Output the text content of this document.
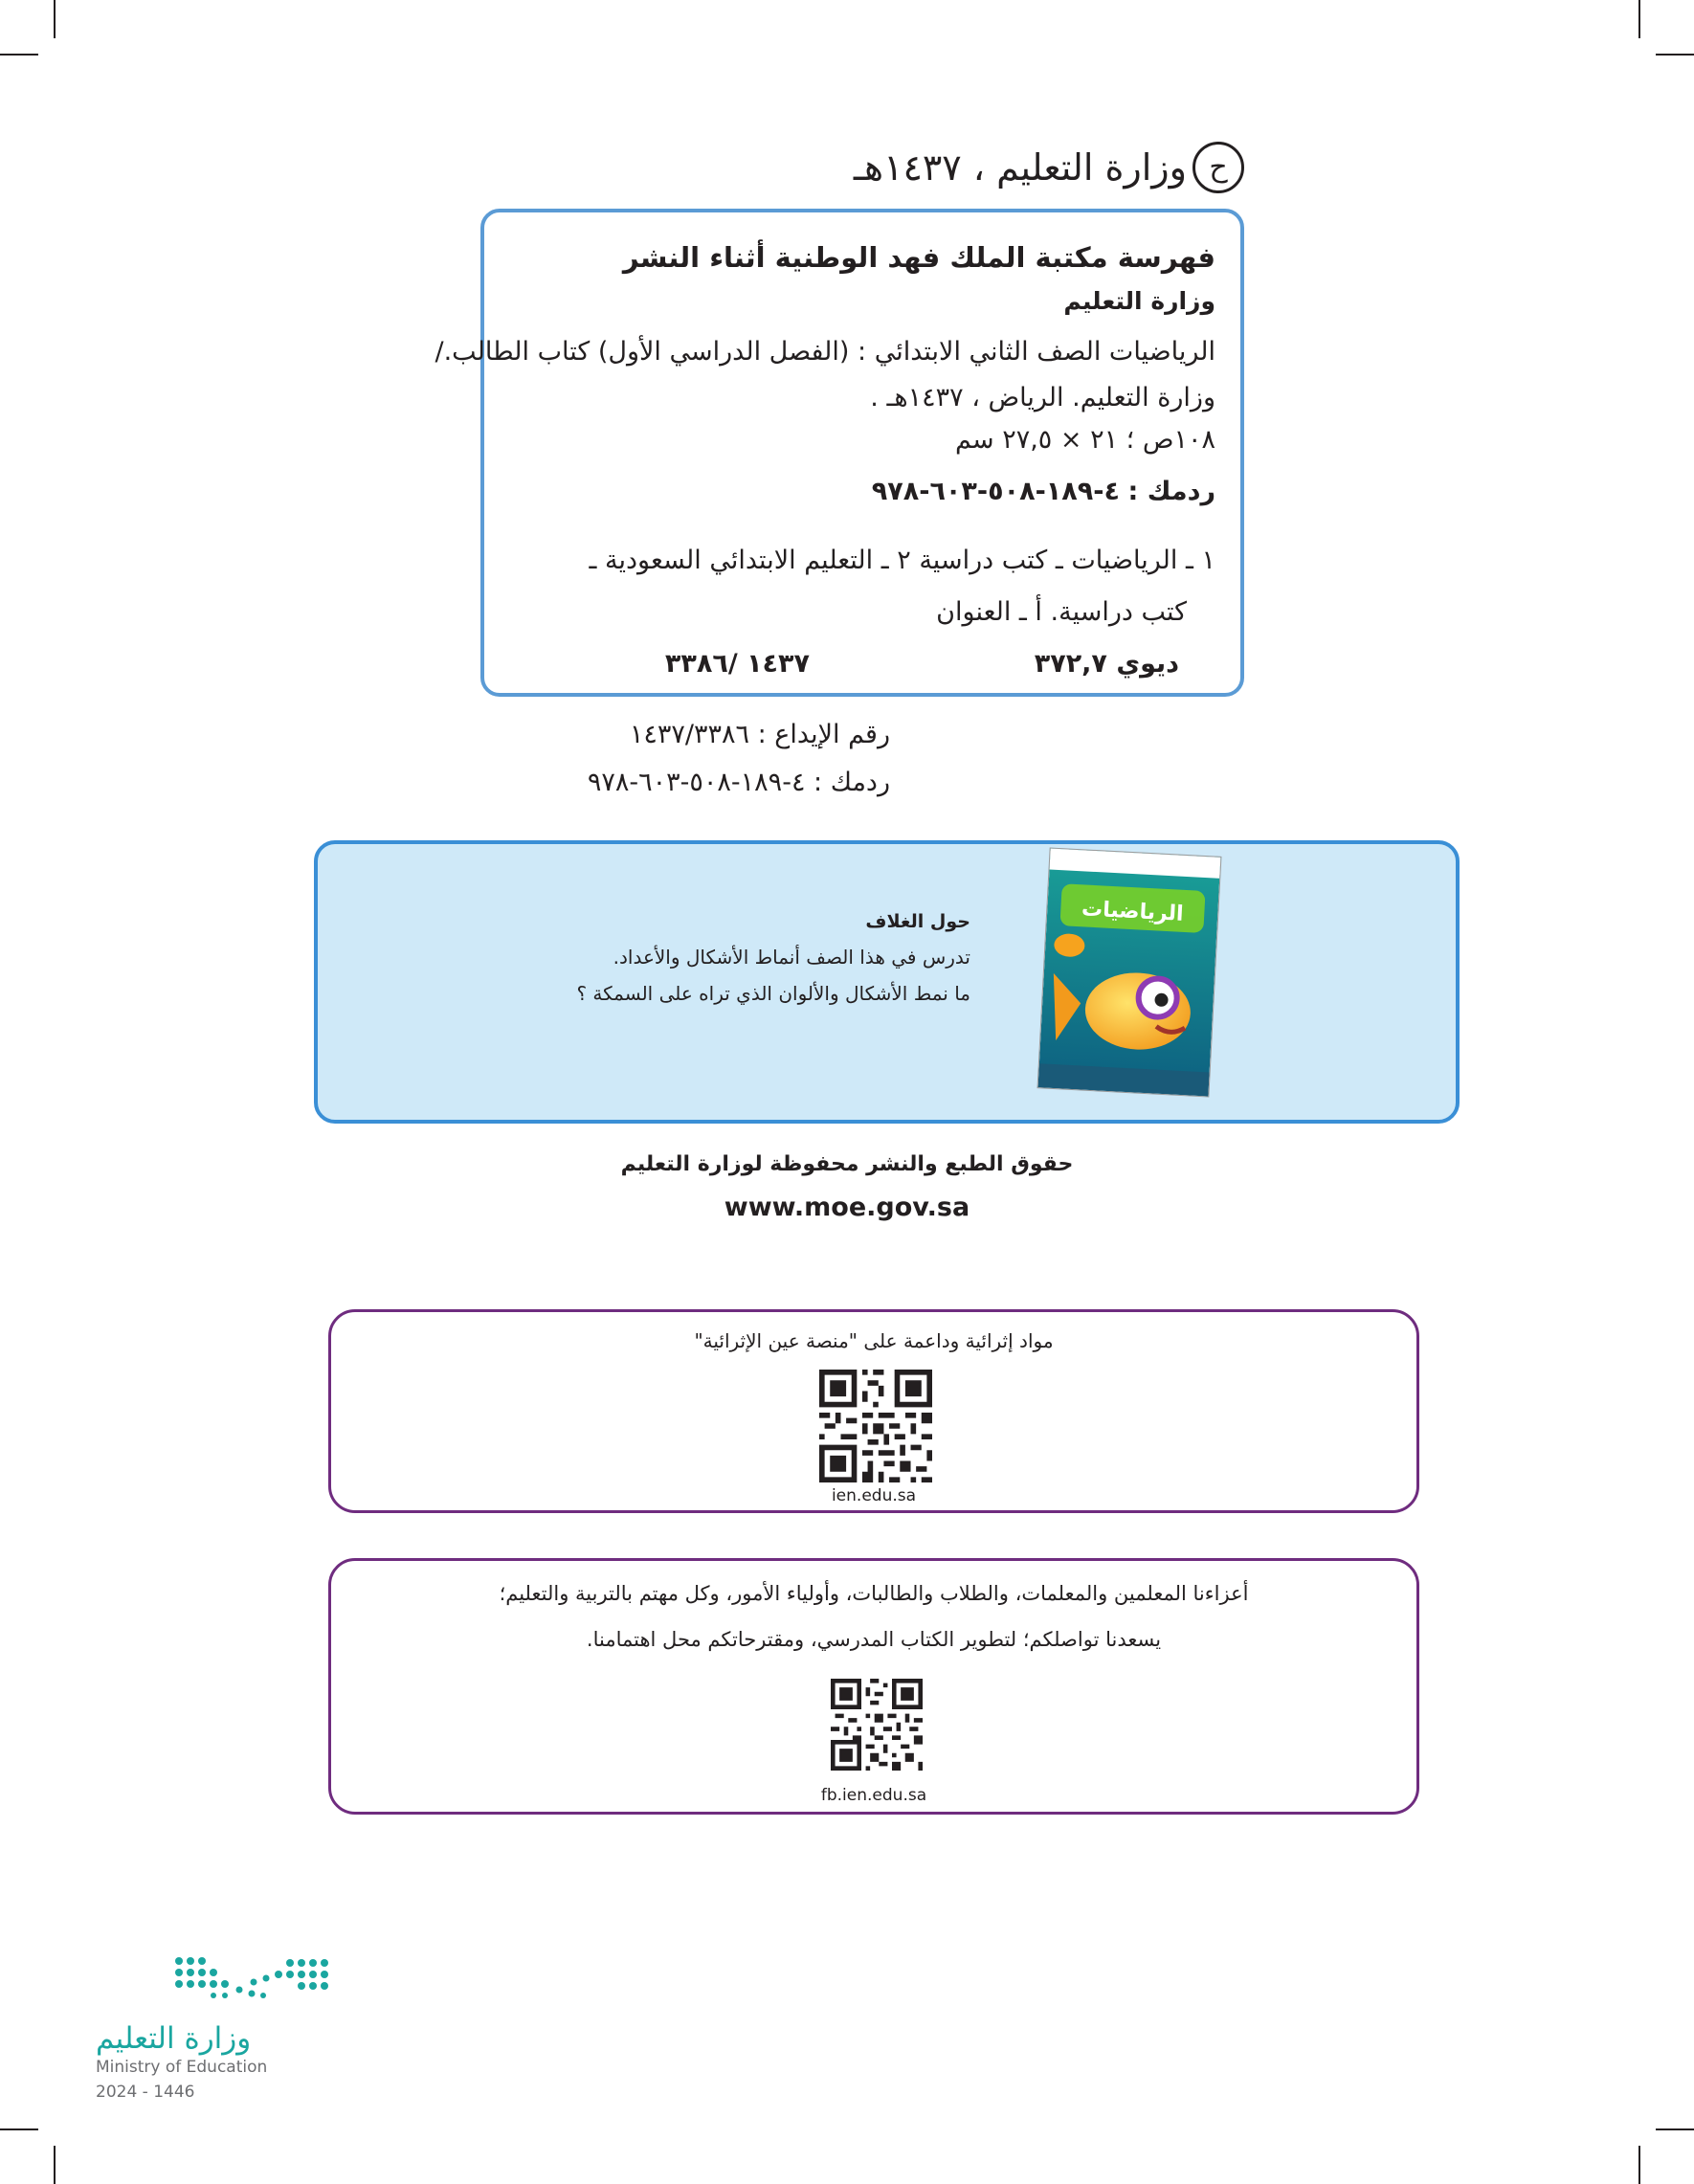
ح
وزارة التعليم ، ١٤٣٧هـ
فهرسة مكتبة الملك فهد الوطنية أثناء النشر
وزارة التعليم
الرياضيات الصف الثاني الابتدائي : (الفصل الدراسي الأول) كتاب الطالب./
وزارة التعليم. الرياض ، ١٤٣٧هـ .
١٠٨ص ؛ ٢١ × ٢٧,٥ سم
ردمك : ٤-١٨٩-٥٠٨-٦٠٣-٩٧٨
١ ـ الرياضيات ـ كتب دراسية ٢ ـ التعليم الابتدائي السعودية ـ
كتب دراسية. أ ـ العنوان
ديوي ٣٧٢,٧
١٤٣٧ /٣٣٨٦
رقم الإيداع : ١٤٣٧/٣٣٨٦
ردمك : ٤-١٨٩-٥٠٨-٦٠٣-٩٧٨
الرياضيات
حول الغلاف
تدرس في هذا الصف أنماط الأشكال والأعداد.
ما نمط الأشكال والألوان الذي تراه على السمكة ؟
حقوق الطبع والنشر محفوظة لوزارة التعليم
www.moe.gov.sa
مواد إثرائية وداعمة على "منصة عين الإثرائية"
ien.edu.sa
أعزاءنا المعلمين والمعلمات، والطلاب والطالبات، وأولياء الأمور، وكل مهتم بالتربية والتعليم؛
يسعدنا تواصلكم؛ لتطوير الكتاب المدرسي، ومقترحاتكم محل اهتمامنا.
fb.ien.edu.sa
وزارة التعليم
Ministry of Education
2024 - 1446
